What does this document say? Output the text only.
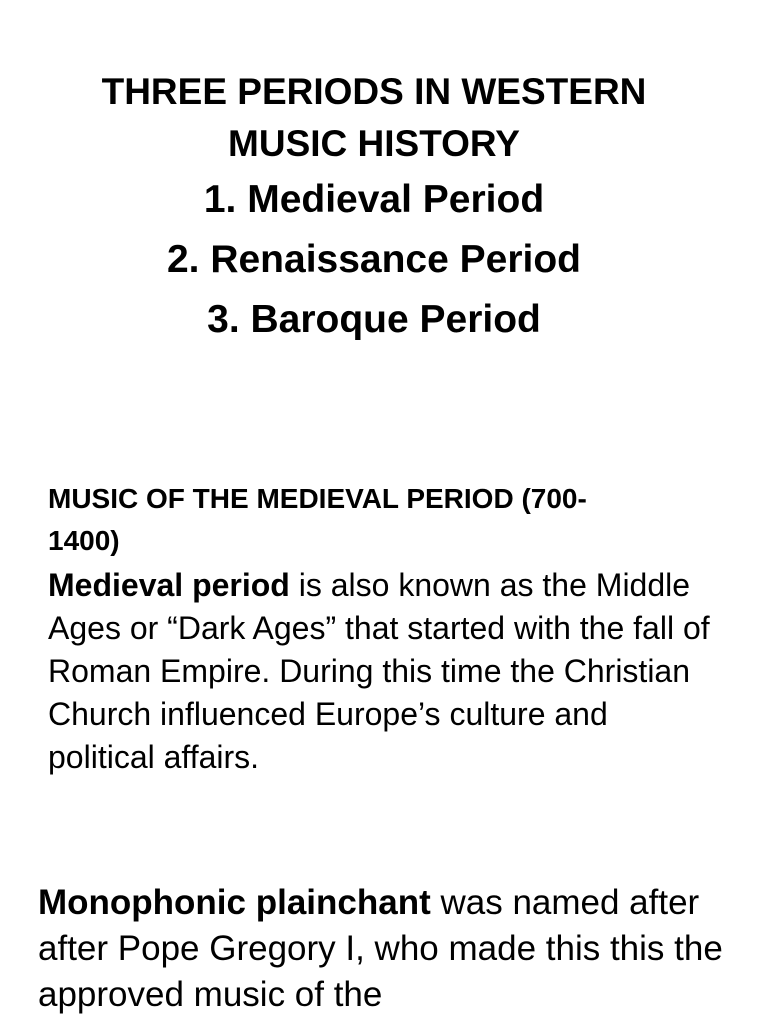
THREE PERIODS IN WESTERN
MUSIC HISTORY
1. Medieval Period
2. Renaissance Period
3. Baroque Period

MUSIC OF THE MEDIEVAL PERIOD (700-
1400)

Medieval period is also known as the Middle Ages or “Dark Ages” that started with the fall of Roman Empire. During this time the Christian Church influenced Europe’s culture and political affairs.

Monophonic plainchant was named after after Pope Gregory I, who made this this the approved music of the
